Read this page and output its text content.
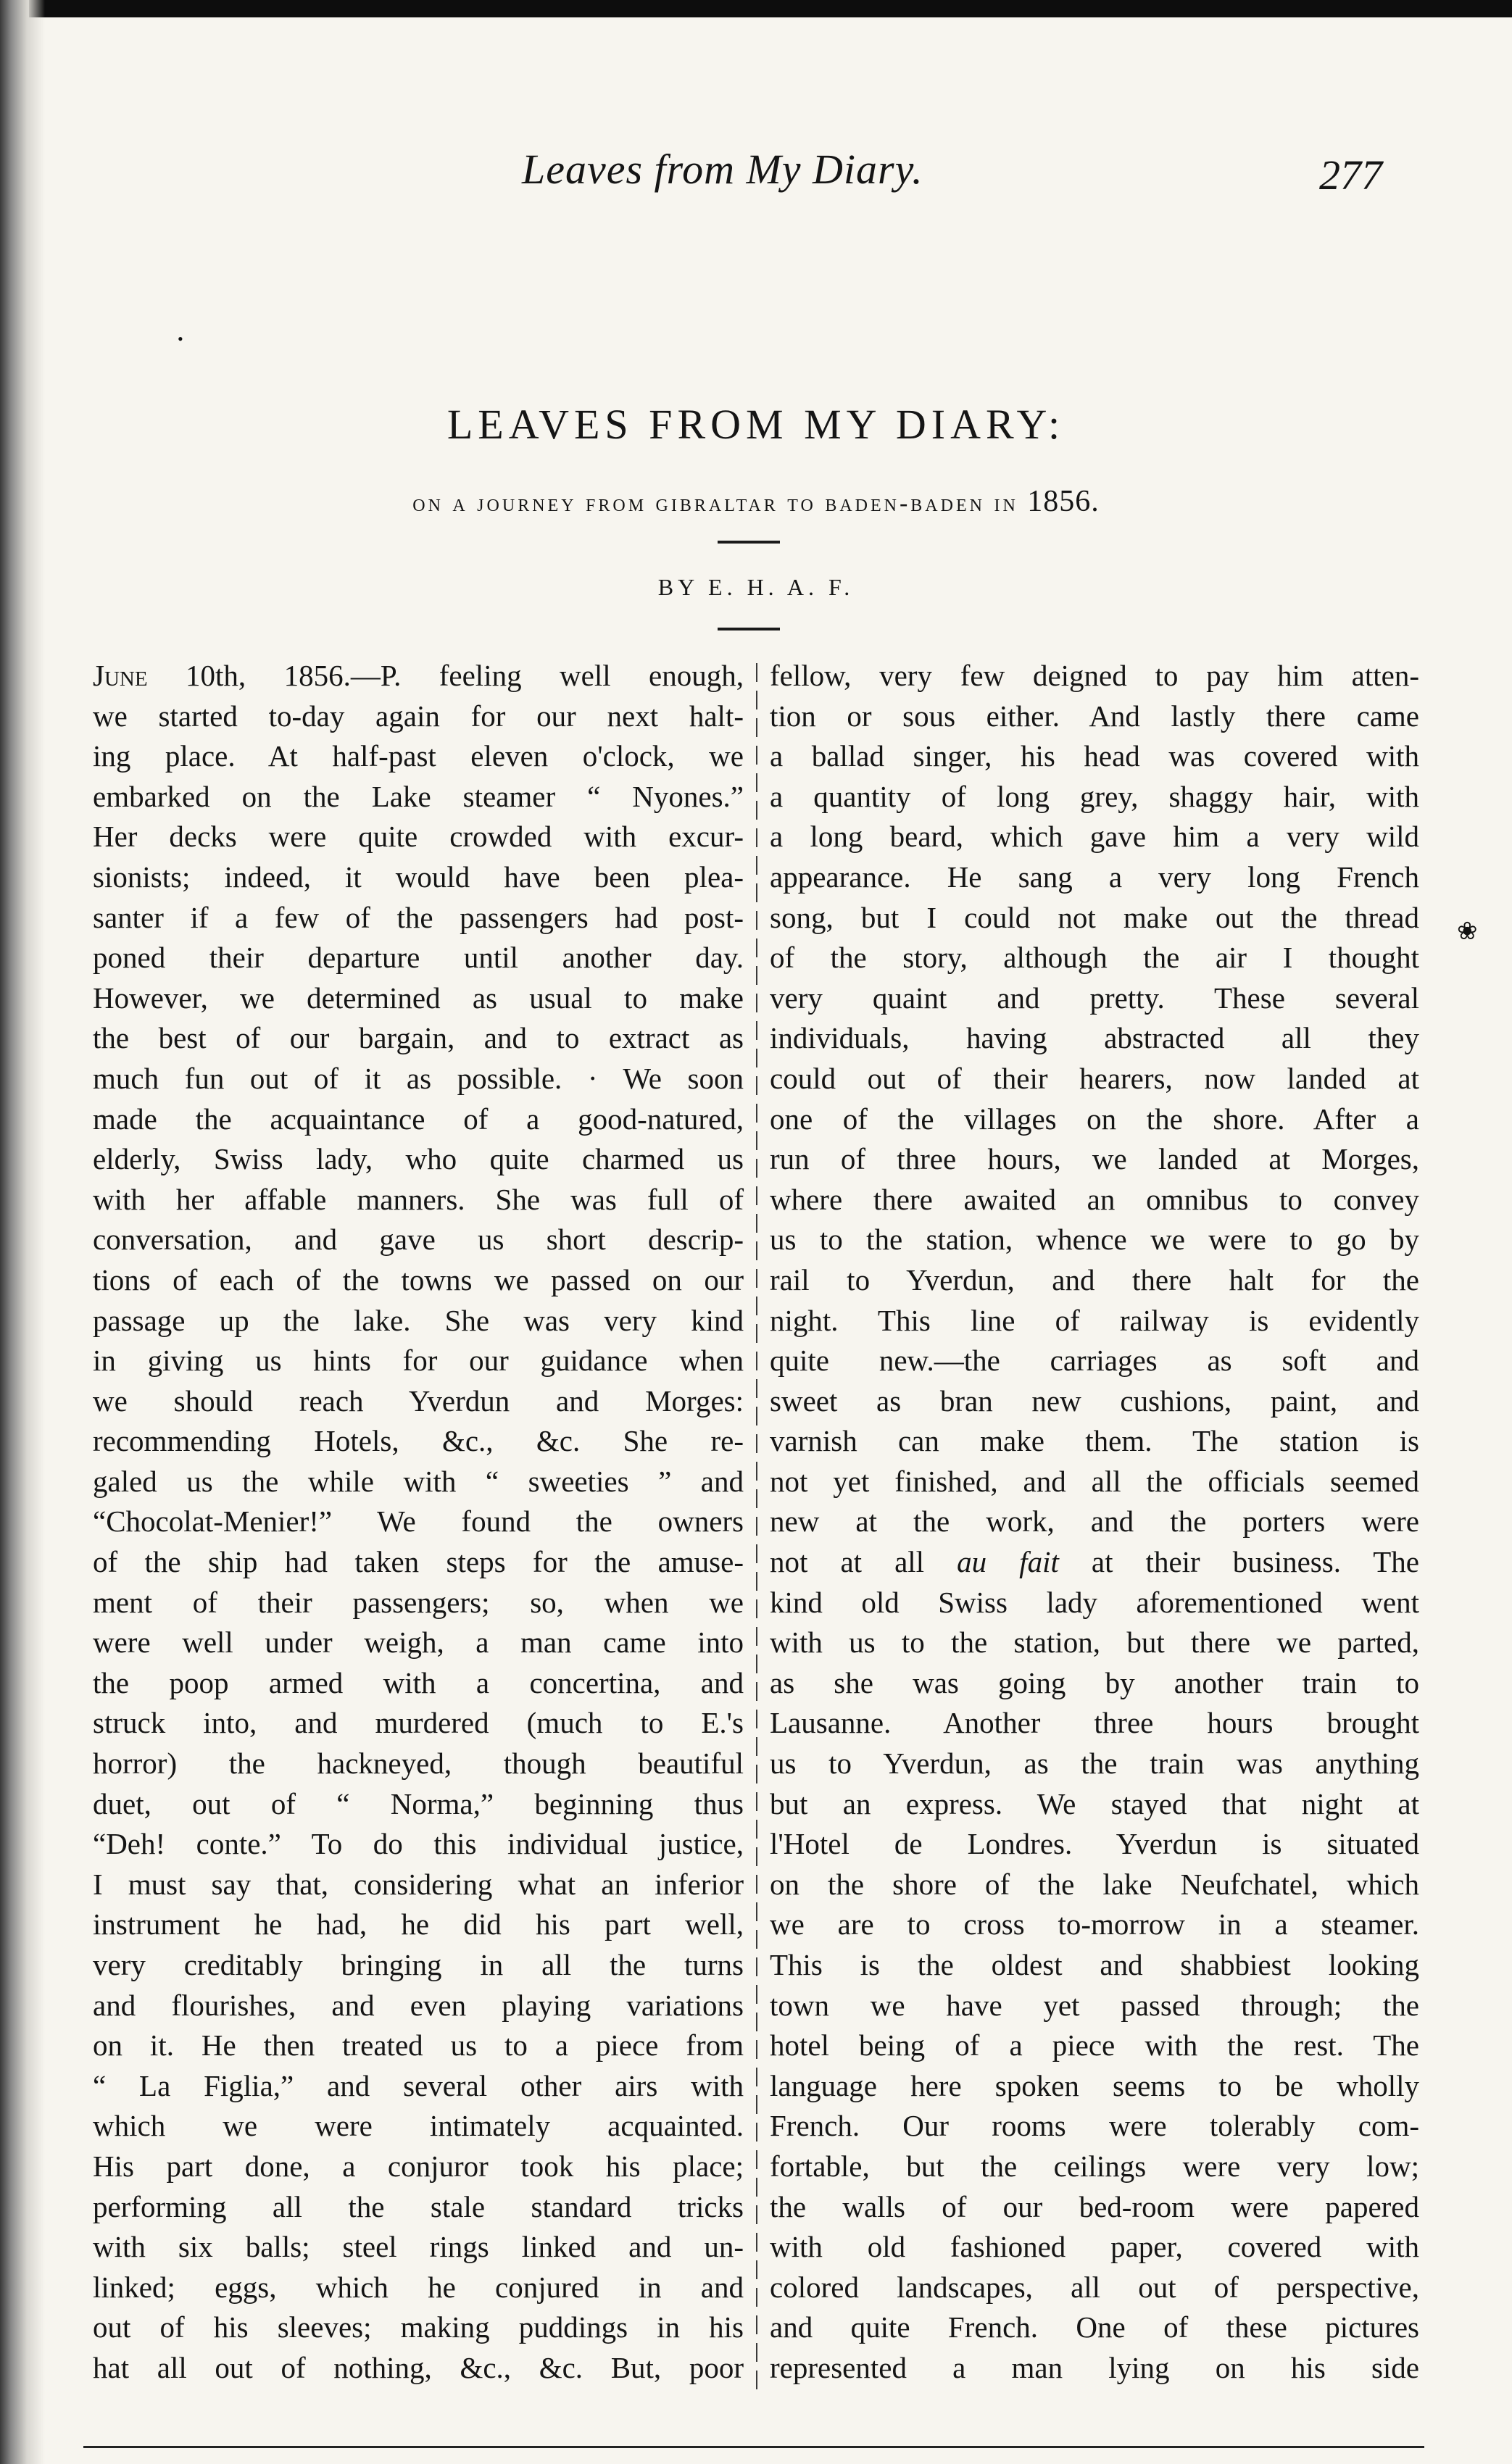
Leaves from My Diary.	277
•
LEAVES FROM MY DIARY:
on a journey from gibraltar to baden-baden in 1856.
BY E. H. A. F.
June 10th, 1856.—P. feeling well enough,
we started to-day again for our next halt-
ing place. At half-past eleven o'clock, we
embarked on the Lake steamer “ Nyones.”
Her decks were quite crowded with excur-
sionists; indeed, it would have been plea-
santer if a few of the passengers had post-
poned their departure until another day.
However, we determined as usual to make
the best of our bargain, and to extract as
much fun out of it as possible. · We soon
made the acquaintance of a good-natured,
elderly, Swiss lady, who quite charmed us
with her affable manners. She was full of
conversation, and gave us short descrip-
tions of each of the towns we passed on our
passage up the lake. She was very kind
in giving us hints for our guidance when
we should reach Yverdun and Morges:
recommending Hotels, &c., &c. She re-
galed us the while with “ sweeties ” and
“Chocolat-Menier!” We found the owners
of the ship had taken steps for the amuse-
ment of their passengers; so, when we
were well under weigh, a man came into
the poop armed with a concertina, and
struck into, and murdered (much to E.'s
horror) the hackneyed, though beautiful
duet, out of “ Norma,” beginning thus
“Deh! conte.” To do this individual justice,
I must say that, considering what an inferior
instrument he had, he did his part well,
very creditably bringing in all the turns
and flourishes, and even playing variations
on it. He then treated us to a piece from
“ La Figlia,” and several other airs with
which we were intimately acquainted.
His part done, a conjuror took his place;
performing all the stale standard tricks
with six balls; steel rings linked and un-
linked; eggs, which he conjured in and
out of his sleeves; making puddings in his
hat all out of nothing, &c., &c. But, poor
fellow, very few deigned to pay him atten-
tion or sous either. And lastly there came
a ballad singer, his head was covered with
a quantity of long grey, shaggy hair, with
a long beard, which gave him a very wild
appearance. He sang a very long French
song, but I could not make out the thread
of the story, although the air I thought
very quaint and pretty. These several
individuals, having abstracted all they
could out of their hearers, now landed at
one of the villages on the shore. After a
run of three hours, we landed at Morges,
where there awaited an omnibus to convey
us to the station, whence we were to go by
rail to Yverdun, and there halt for the
night. This line of railway is evidently
quite new.—the carriages as soft and
sweet as bran new cushions, paint, and
varnish can make them. The station is
not yet finished, and all the officials seemed
new at the work, and the porters were
not at all au fait at their business. The
kind old Swiss lady aforementioned went
with us to the station, but there we parted,
as she was going by another train to
Lausanne. Another three hours brought
us to Yverdun, as the train was anything
but an express. We stayed that night at
l'Hotel de Londres. Yverdun is situated
on the shore of the lake Neufchatel, which
we are to cross to-morrow in a steamer.
This is the oldest and shabbiest looking
town we have yet passed through; the
hotel being of a piece with the rest. The
language here spoken seems to be wholly
French. Our rooms were tolerably com-
fortable, but the ceilings were very low;
the walls of our bed-room were papered
with old fashioned paper, covered with
colored landscapes, all out of perspective,
and quite French. One of these pictures
represented a man lying on his side
❀
